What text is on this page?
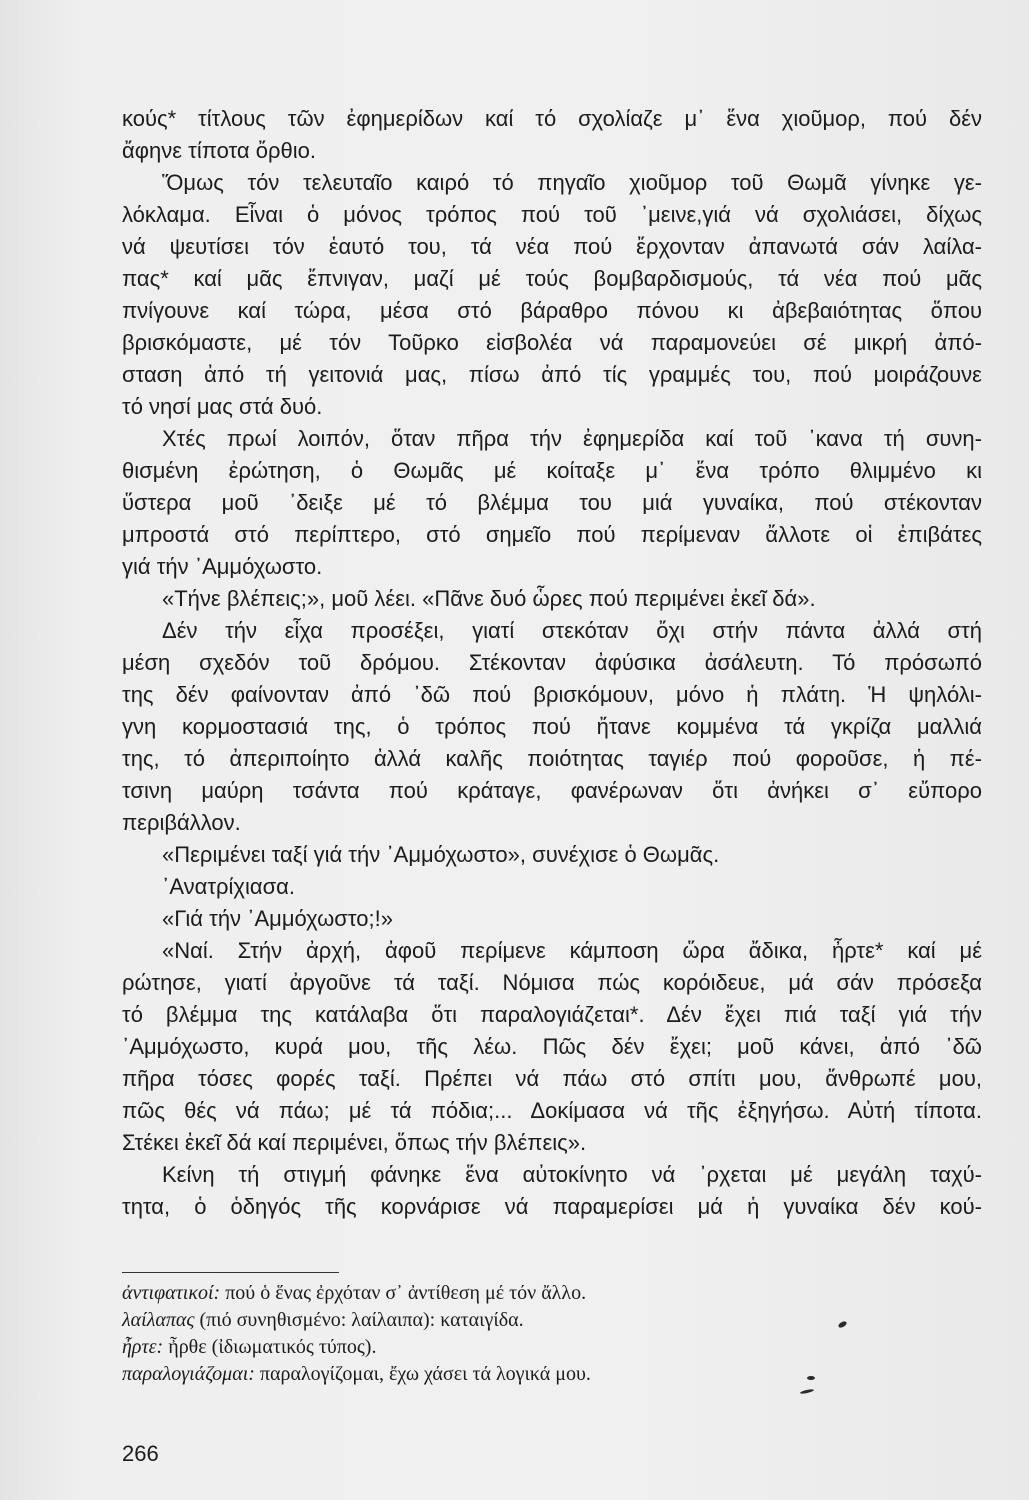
κούς* τίτλους τῶν ἐφημερίδων καί τό σχολίαζε μ᾽ ἕνα χιοῦμορ, πού δέν
ἄφηνε τίποτα ὄρθιο.
Ὅμως τόν τελευταῖο καιρό τό πηγαῖο χιοῦμορ τοῦ Θωμᾶ γίνηκε γε-
λόκλαμα. Εἶναι ὁ μόνος τρόπος πού τοῦ ᾽μεινε,γιά νά σχολιάσει, δίχως
νά ψευτίσει τόν ἑαυτό του, τά νέα πού ἔρχονταν ἀπανωτά σάν λαίλα-
πας* καί μᾶς ἔπνιγαν, μαζί μέ τούς βομβαρδισμούς, τά νέα πού μᾶς
πνίγουνε καί τώρα, μέσα στό βάραθρο πόνου κι ἀβεβαιότητας ὅπου
βρισκόμαστε, μέ τόν Τοῦρκο εἰσβολέα νά παραμονεύει σέ μικρή ἀπό-
σταση ἀπό τή γειτονιά μας, πίσω ἀπό τίς γραμμές του, πού μοιράζουνε
τό νησί μας στά δυό.
Χτές πρωί λοιπόν, ὅταν πῆρα τήν ἐφημερίδα καί τοῦ ᾽κανα τή συνη-
θισμένη ἐρώτηση, ὁ Θωμᾶς μέ κοίταξε μ᾽ ἕνα τρόπο θλιμμένο κι
ὕστερα μοῦ ᾽δειξε μέ τό βλέμμα του μιά γυναίκα, πού στέκονταν
μπροστά στό περίπτερο, στό σημεῖο πού περίμεναν ἄλλοτε οἱ ἐπιβάτες
γιά τήν ᾽Αμμόχωστο.
«Τήνε βλέπεις;», μοῦ λέει. «Πᾶνε δυό ὧρες πού περιμένει ἐκεῖ δά».
Δέν τήν εἶχα προσέξει, γιατί στεκόταν ὄχι στήν πάντα ἀλλά στή
μέση σχεδόν τοῦ δρόμου. Στέκονταν ἀφύσικα ἀσάλευτη. Τό πρόσωπό
της δέν φαίνονταν ἀπό ᾽δῶ πού βρισκόμουν, μόνο ἡ πλάτη. Ἡ ψηλόλι-
γνη κορμοστασιά της, ὁ τρόπος πού ἤτανε κομμένα τά γκρίζα μαλλιά
της, τό ἀπεριποίητο ἀλλά καλῆς ποιότητας ταγιέρ πού φοροῦσε, ἡ πέ-
τσινη μαύρη τσάντα πού κράταγε, φανέρωναν ὅτι ἀνήκει σ᾽ εὔπορο
περιβάλλον.
«Περιμένει ταξί γιά τήν ᾽Αμμόχωστο», συνέχισε ὁ Θωμᾶς.
᾽Ανατρίχιασα.
«Γιά τήν ᾽Αμμόχωστο;!»
«Ναί. Στήν ἀρχή, ἀφοῦ περίμενε κάμποση ὥρα ἄδικα, ἦρτε* καί μέ
ρώτησε, γιατί ἀργοῦνε τά ταξί. Νόμισα πώς κορόιδευε, μά σάν πρόσεξα
τό βλέμμα της κατάλαβα ὅτι παραλογιάζεται*. Δέν ἔχει πιά ταξί γιά τήν
᾽Αμμόχωστο, κυρά μου, τῆς λέω. Πῶς δέν ἔχει; μοῦ κάνει, ἀπό ᾽δῶ
πῆρα τόσες φορές ταξί. Πρέπει νά πάω στό σπίτι μου, ἄνθρωπέ μου,
πῶς θές νά πάω; μέ τά πόδια;... Δοκίμασα νά τῆς ἐξηγήσω. Αὐτή τίποτα.
Στέκει ἐκεῖ δά καί περιμένει, ὅπως τήν βλέπεις».
Κείνη τή στιγμή φάνηκε ἕνα αὐτοκίνητο νά ᾽ρχεται μέ μεγάλη ταχύ-
τητα, ὁ ὁδηγός τῆς κορνάρισε νά παραμερίσει μά ἡ γυναίκα δέν κού-
ἀντιφατικοί: πού ὁ ἕνας ἐρχόταν σ᾽ ἀντίθεση μέ τόν ἄλλο.
λαίλαπας (πιό συνηθισμένο: λαίλαιπα): καταιγίδα.
ἦρτε: ἦρθε (ἰδιωματικός τύπος).
παραλογιάζομαι: παραλογίζομαι, ἔχω χάσει τά λογικά μου.
266
